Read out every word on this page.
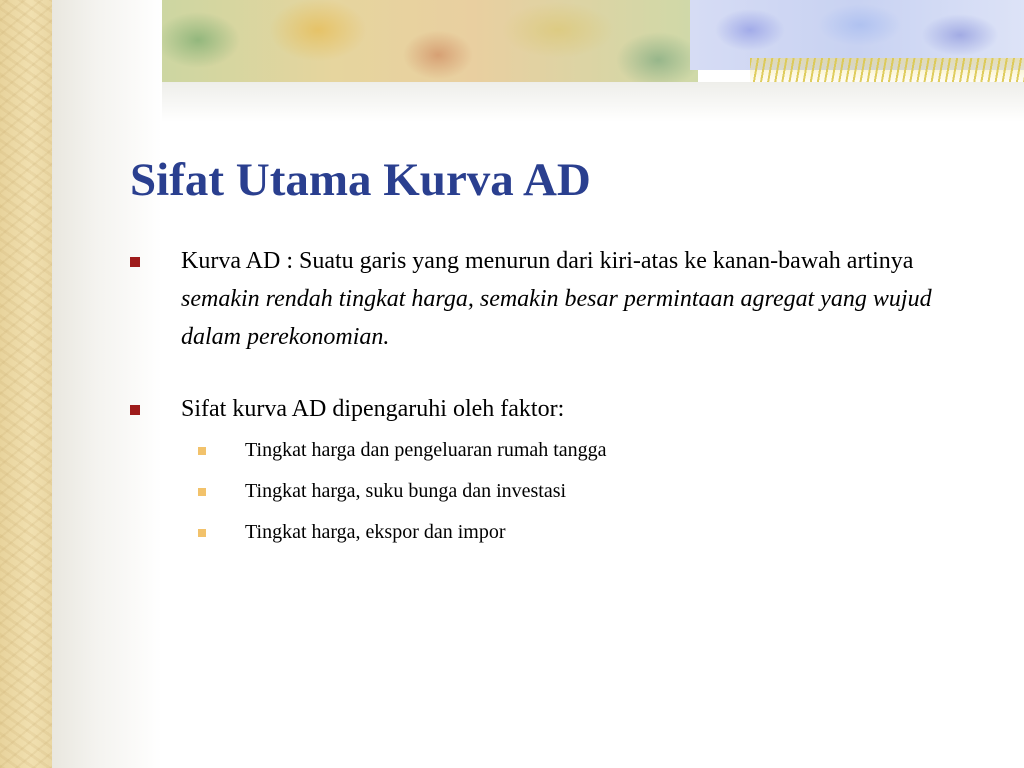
Sifat Utama Kurva AD
Kurva AD : Suatu garis yang menurun dari kiri-atas ke kanan-bawah artinya semakin rendah tingkat harga, semakin besar permintaan agregat yang wujud dalam perekonomian.
Sifat kurva AD dipengaruhi oleh faktor:
Tingkat harga dan pengeluaran rumah tangga
Tingkat harga, suku bunga dan investasi
Tingkat harga, ekspor dan impor
